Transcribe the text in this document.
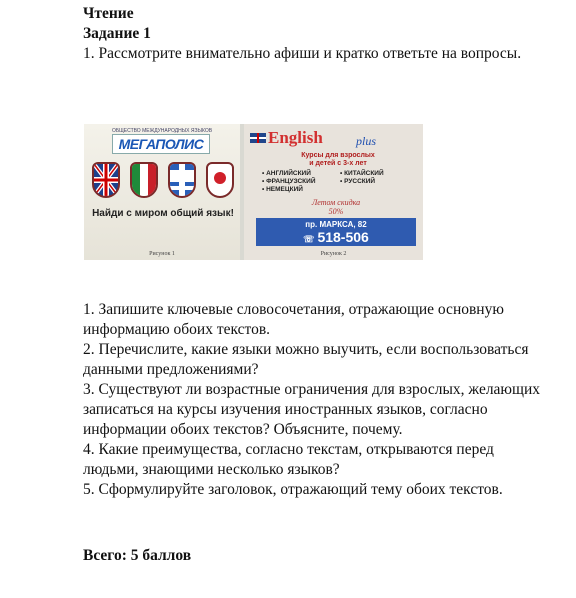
Чтение

Задание 1

1. Рассмотрите внимательно афиши и кратко ответьте на вопросы.

ОБЩЕСТВО МЕЖДУНАРОДНЫХ ЯЗЫКОВ
МЕГАПОЛИС
Найди с миром общий язык!
Рисунок 1
English	plus
Курсы для взрослых
и детей с 3-х лет
• АНГЛИЙСКИЙ	• КИТАЙСКИЙ
• ФРАНЦУЗСКИЙ	• РУССКИЙ
• НЕМЕЦКИЙ
Летом скидка
50%
пр. МАРКСА, 82
☏ 518-506
Рисунок 2

1. Запишите ключевые словосочетания, отражающие основную информацию обоих текстов.

2. Перечислите, какие языки можно выучить, если воспользоваться данными предложениями?

3. Существуют ли возрастные ограничения для взрослых, желающих записаться на курсы изучения иностранных языков, согласно информации обоих текстов? Объясните, почему.

4. Какие преимущества, согласно текстам, открываются перед людьми, знающими несколько языков?

5. Сформулируйте заголовок, отражающий тему обоих текстов.

Всего: 5 баллов
